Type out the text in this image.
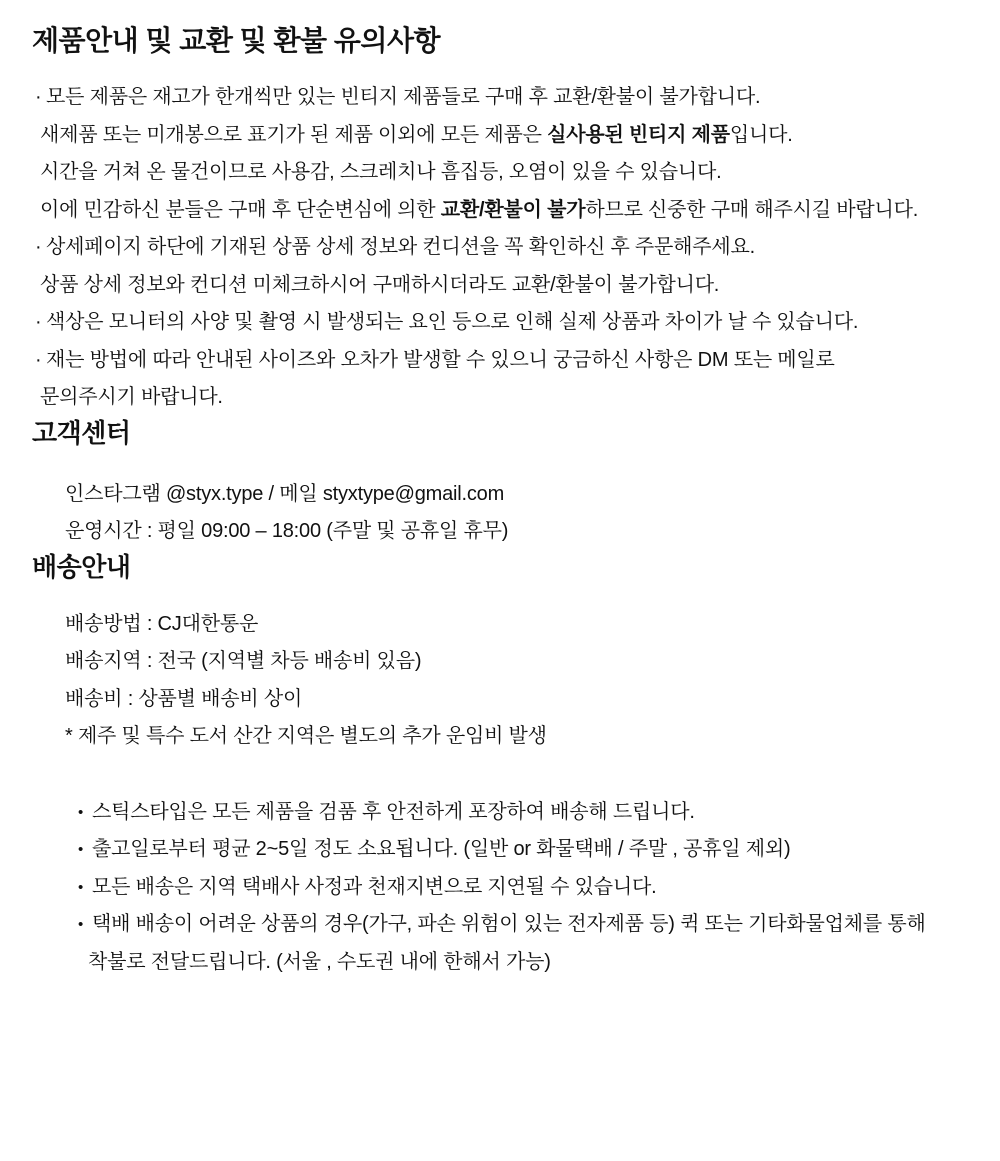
제품안내 및 교환 및 환불 유의사항
· 모든 제품은 재고가 한개씩만 있는 빈티지 제품들로 구매 후 교환/환불이 불가합니다.
새제품 또는 미개봉으로 표기가 된 제품 이외에 모든 제품은 실사용된 빈티지 제품입니다.
시간을 거쳐 온 물건이므로 사용감, 스크레치나 흠집등, 오염이 있을 수 있습니다.
이에 민감하신 분들은 구매 후 단순변심에 의한 교환/환불이 불가하므로 신중한 구매 해주시길 바랍니다.
· 상세페이지 하단에 기재된 상품 상세 정보와 컨디션을 꼭 확인하신 후 주문해주세요.
상품 상세 정보와 컨디션 미체크하시어 구매하시더라도 교환/환불이 불가합니다.
· 색상은 모니터의 사양 및 촬영 시 발생되는 요인 등으로 인해 실제 상품과 차이가 날 수 있습니다.
· 재는 방법에 따라 안내된 사이즈와 오차가 발생할 수 있으니 궁금하신 사항은 DM 또는 메일로
문의주시기 바랍니다.
고객센터
인스타그램 @styx.type / 메일 styxtype@gmail.com
운영시간 : 평일 09:00 – 18:00 (주말 및 공휴일 휴무)
배송안내
배송방법 : CJ대한통운
배송지역 : 전국 (지역별 차등 배송비 있음)
배송비 : 상품별 배송비 상이
* 제주 및 특수 도서 산간 지역은 별도의 추가 운임비 발생
• 스틱스타입은 모든 제품을 검품 후 안전하게 포장하여 배송해 드립니다.
• 출고일로부터 평균 2~5일 정도 소요됩니다. (일반 or 화물택배 / 주말 , 공휴일 제외)
• 모든 배송은 지역 택배사 사정과 천재지변으로 지연될 수 있습니다.
• 택배 배송이 어려운 상품의 경우(가구, 파손 위험이 있는 전자제품 등) 퀵 또는 기타화물업체를 통해
착불로 전달드립니다. (서울 , 수도권 내에 한해서 가능)
